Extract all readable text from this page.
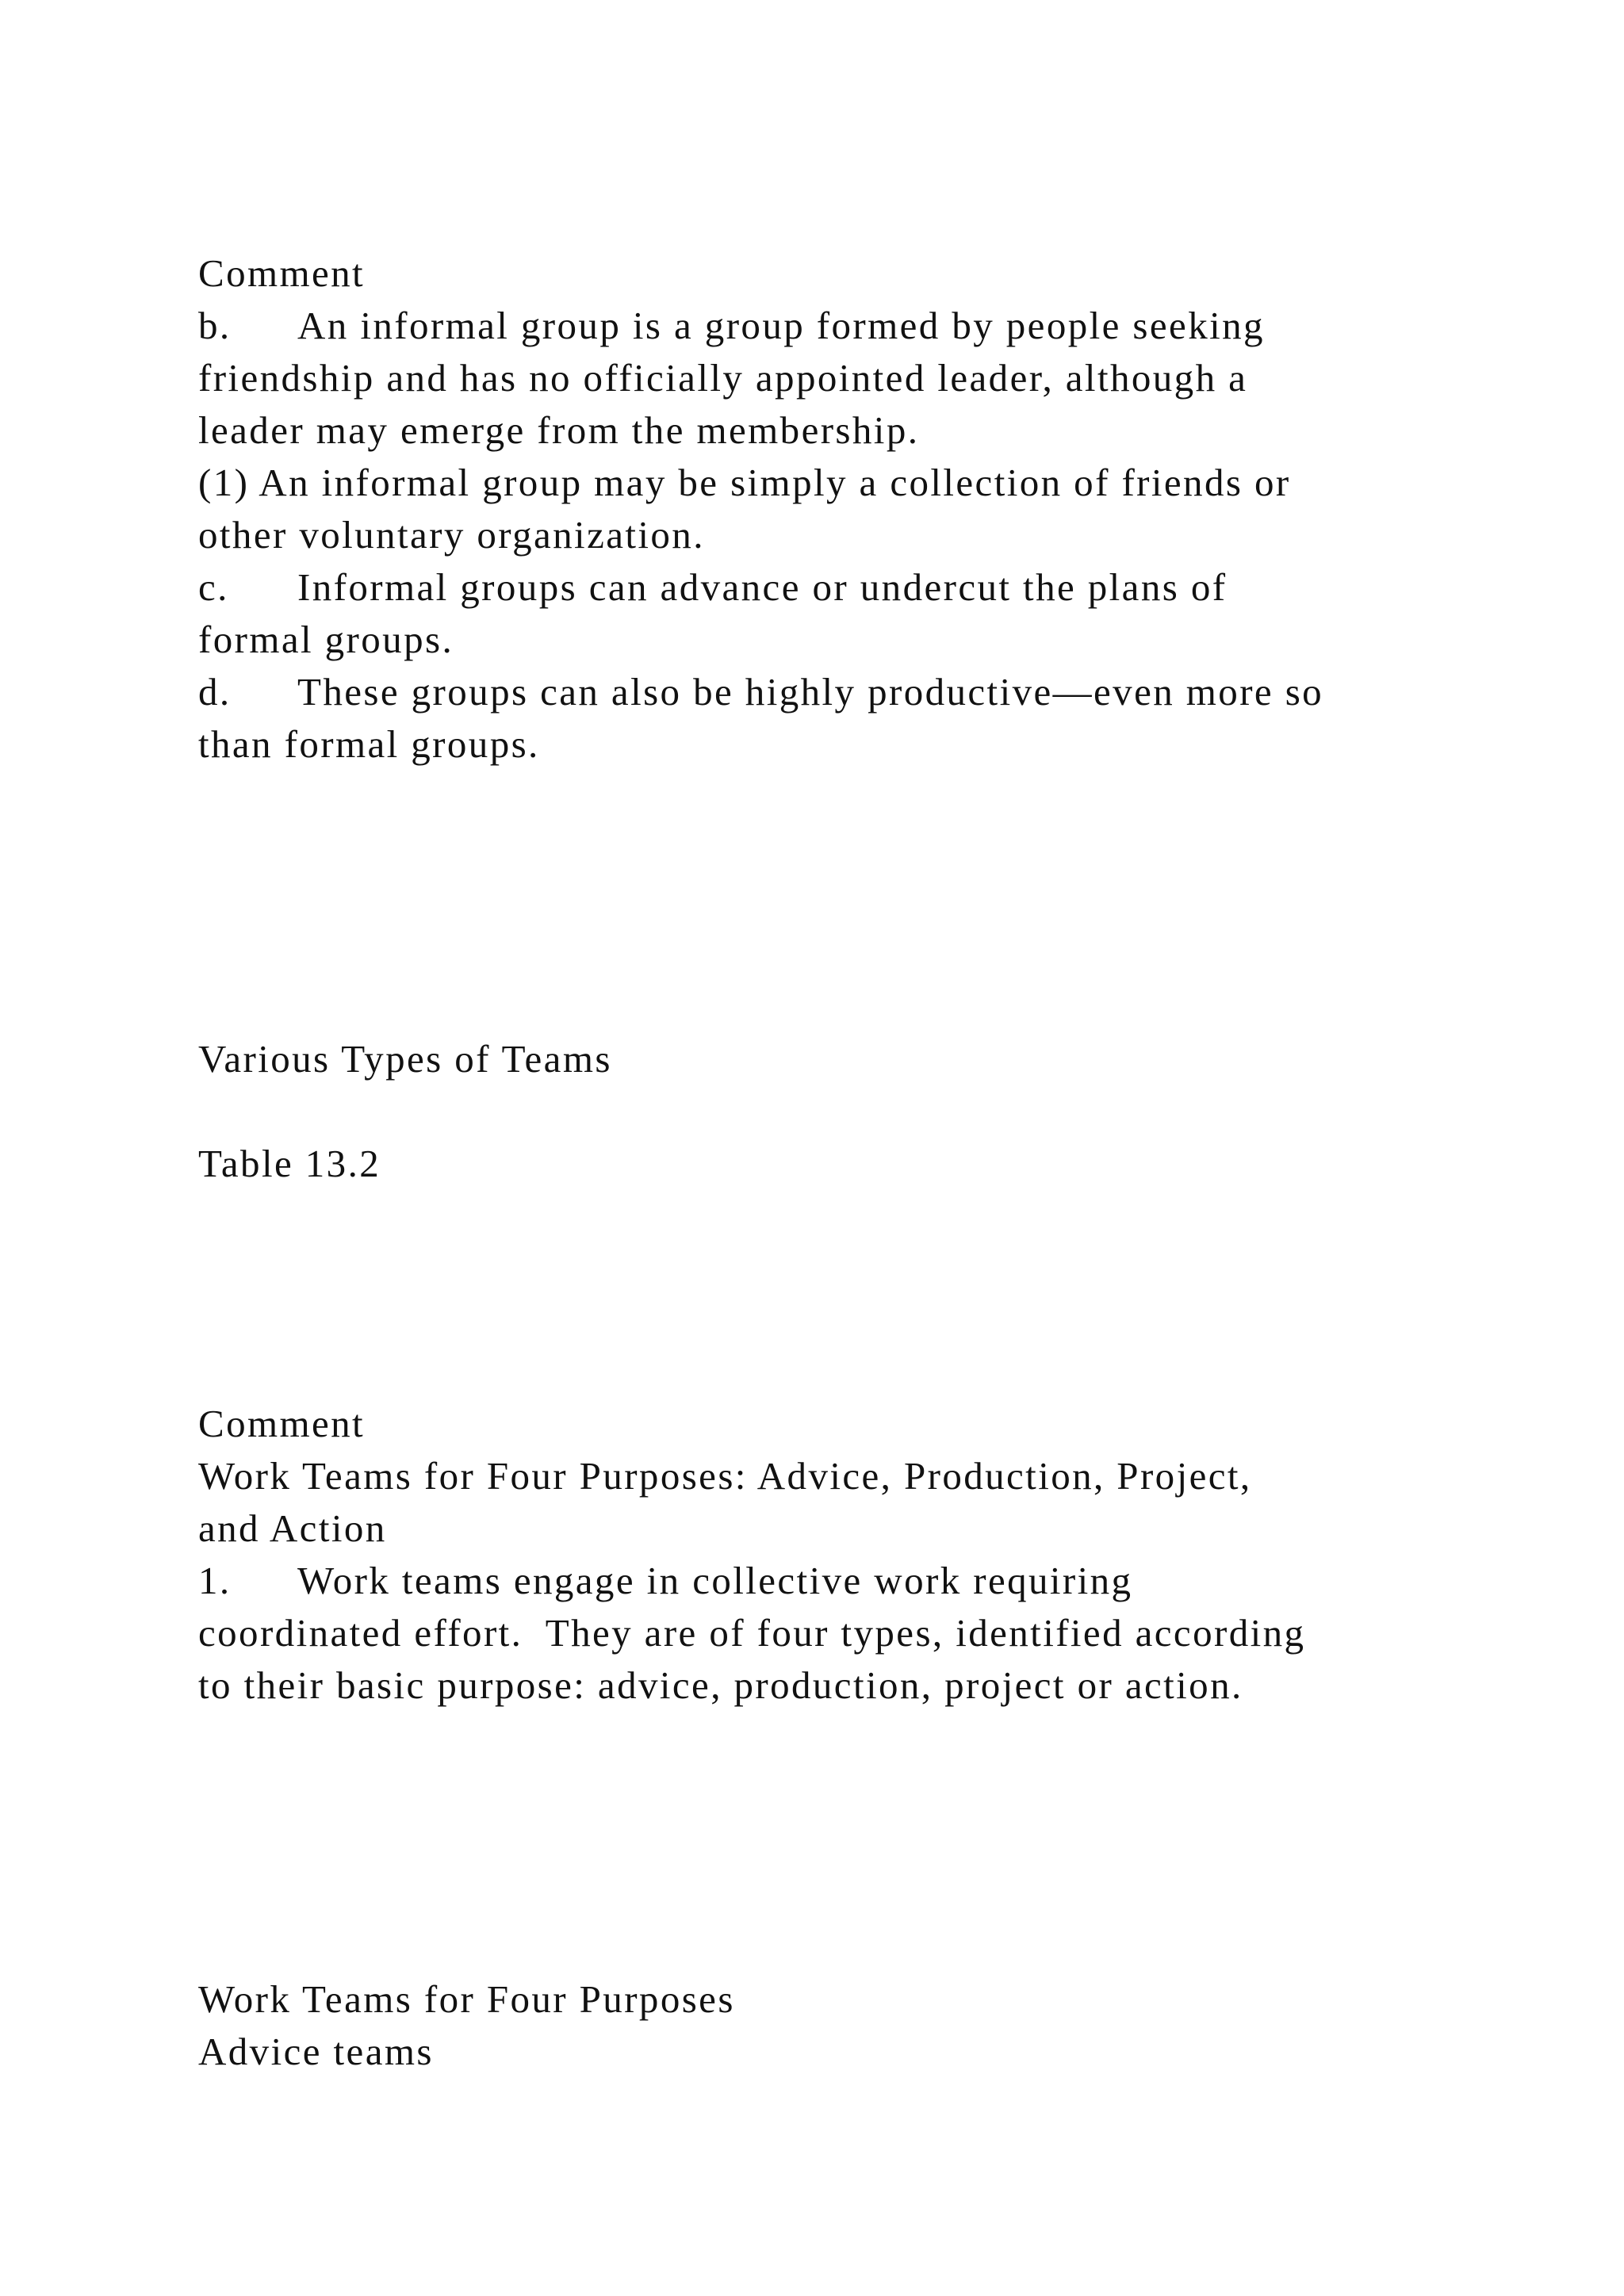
Comment

b. An informal group is a group formed by people seeking

friendship and has no officially appointed leader, although a

leader may emerge from the membership.

(1) An informal group may be simply a collection of friends or

other voluntary organization.

c. Informal groups can advance or undercut the plans of

formal groups.

d. These groups can also be highly productive—even more so

than formal groups.

Various Types of Teams

Table 13.2

Comment

Work Teams for Four Purposes: Advice, Production, Project,

and Action

1. Work teams engage in collective work requiring

coordinated effort.  They are of four types, identified according

to their basic purpose: advice, production, project or action.

Work Teams for Four Purposes

Advice teams
